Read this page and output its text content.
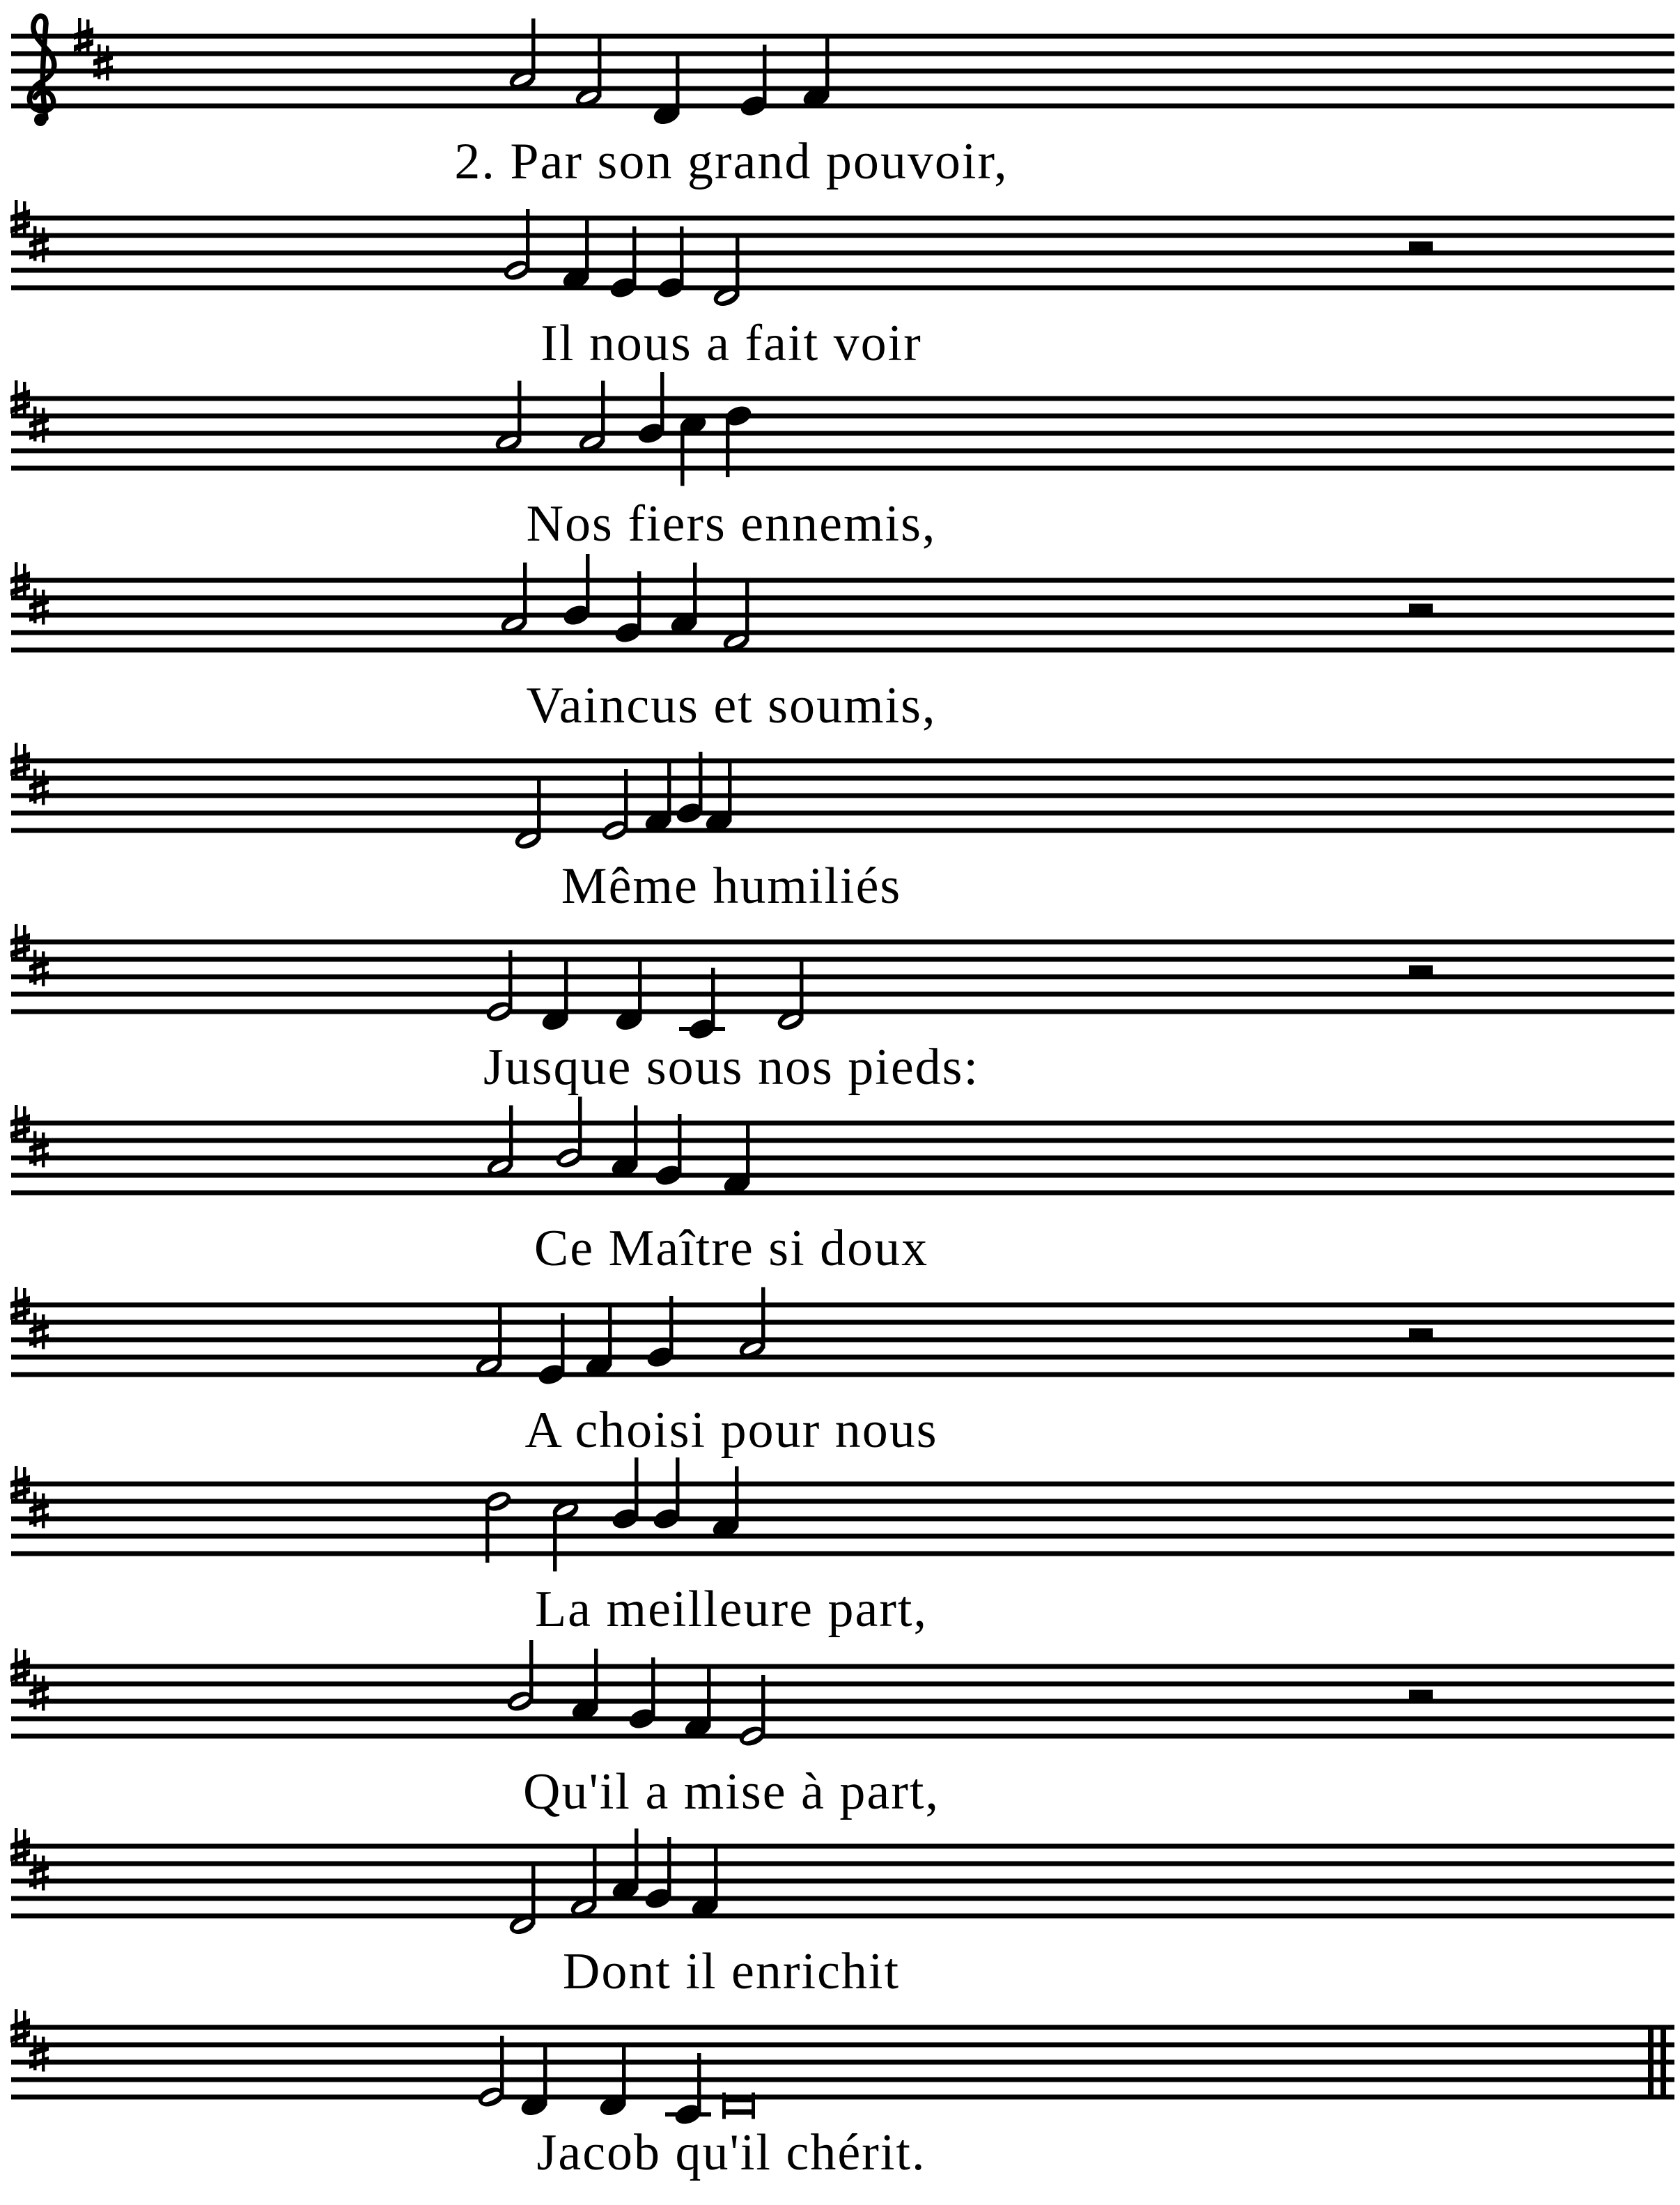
2. Par son grand pouvoir,
Il nous a fait voir
Nos fiers ennemis,
Vaincus et soumis,
Même humiliés
Jusque sous nos pieds:
Ce Maître si doux
A choisi pour nous
La meilleure part,
Qu'il a mise à part,
Dont il enrichit
Jacob qu'il chérit.
